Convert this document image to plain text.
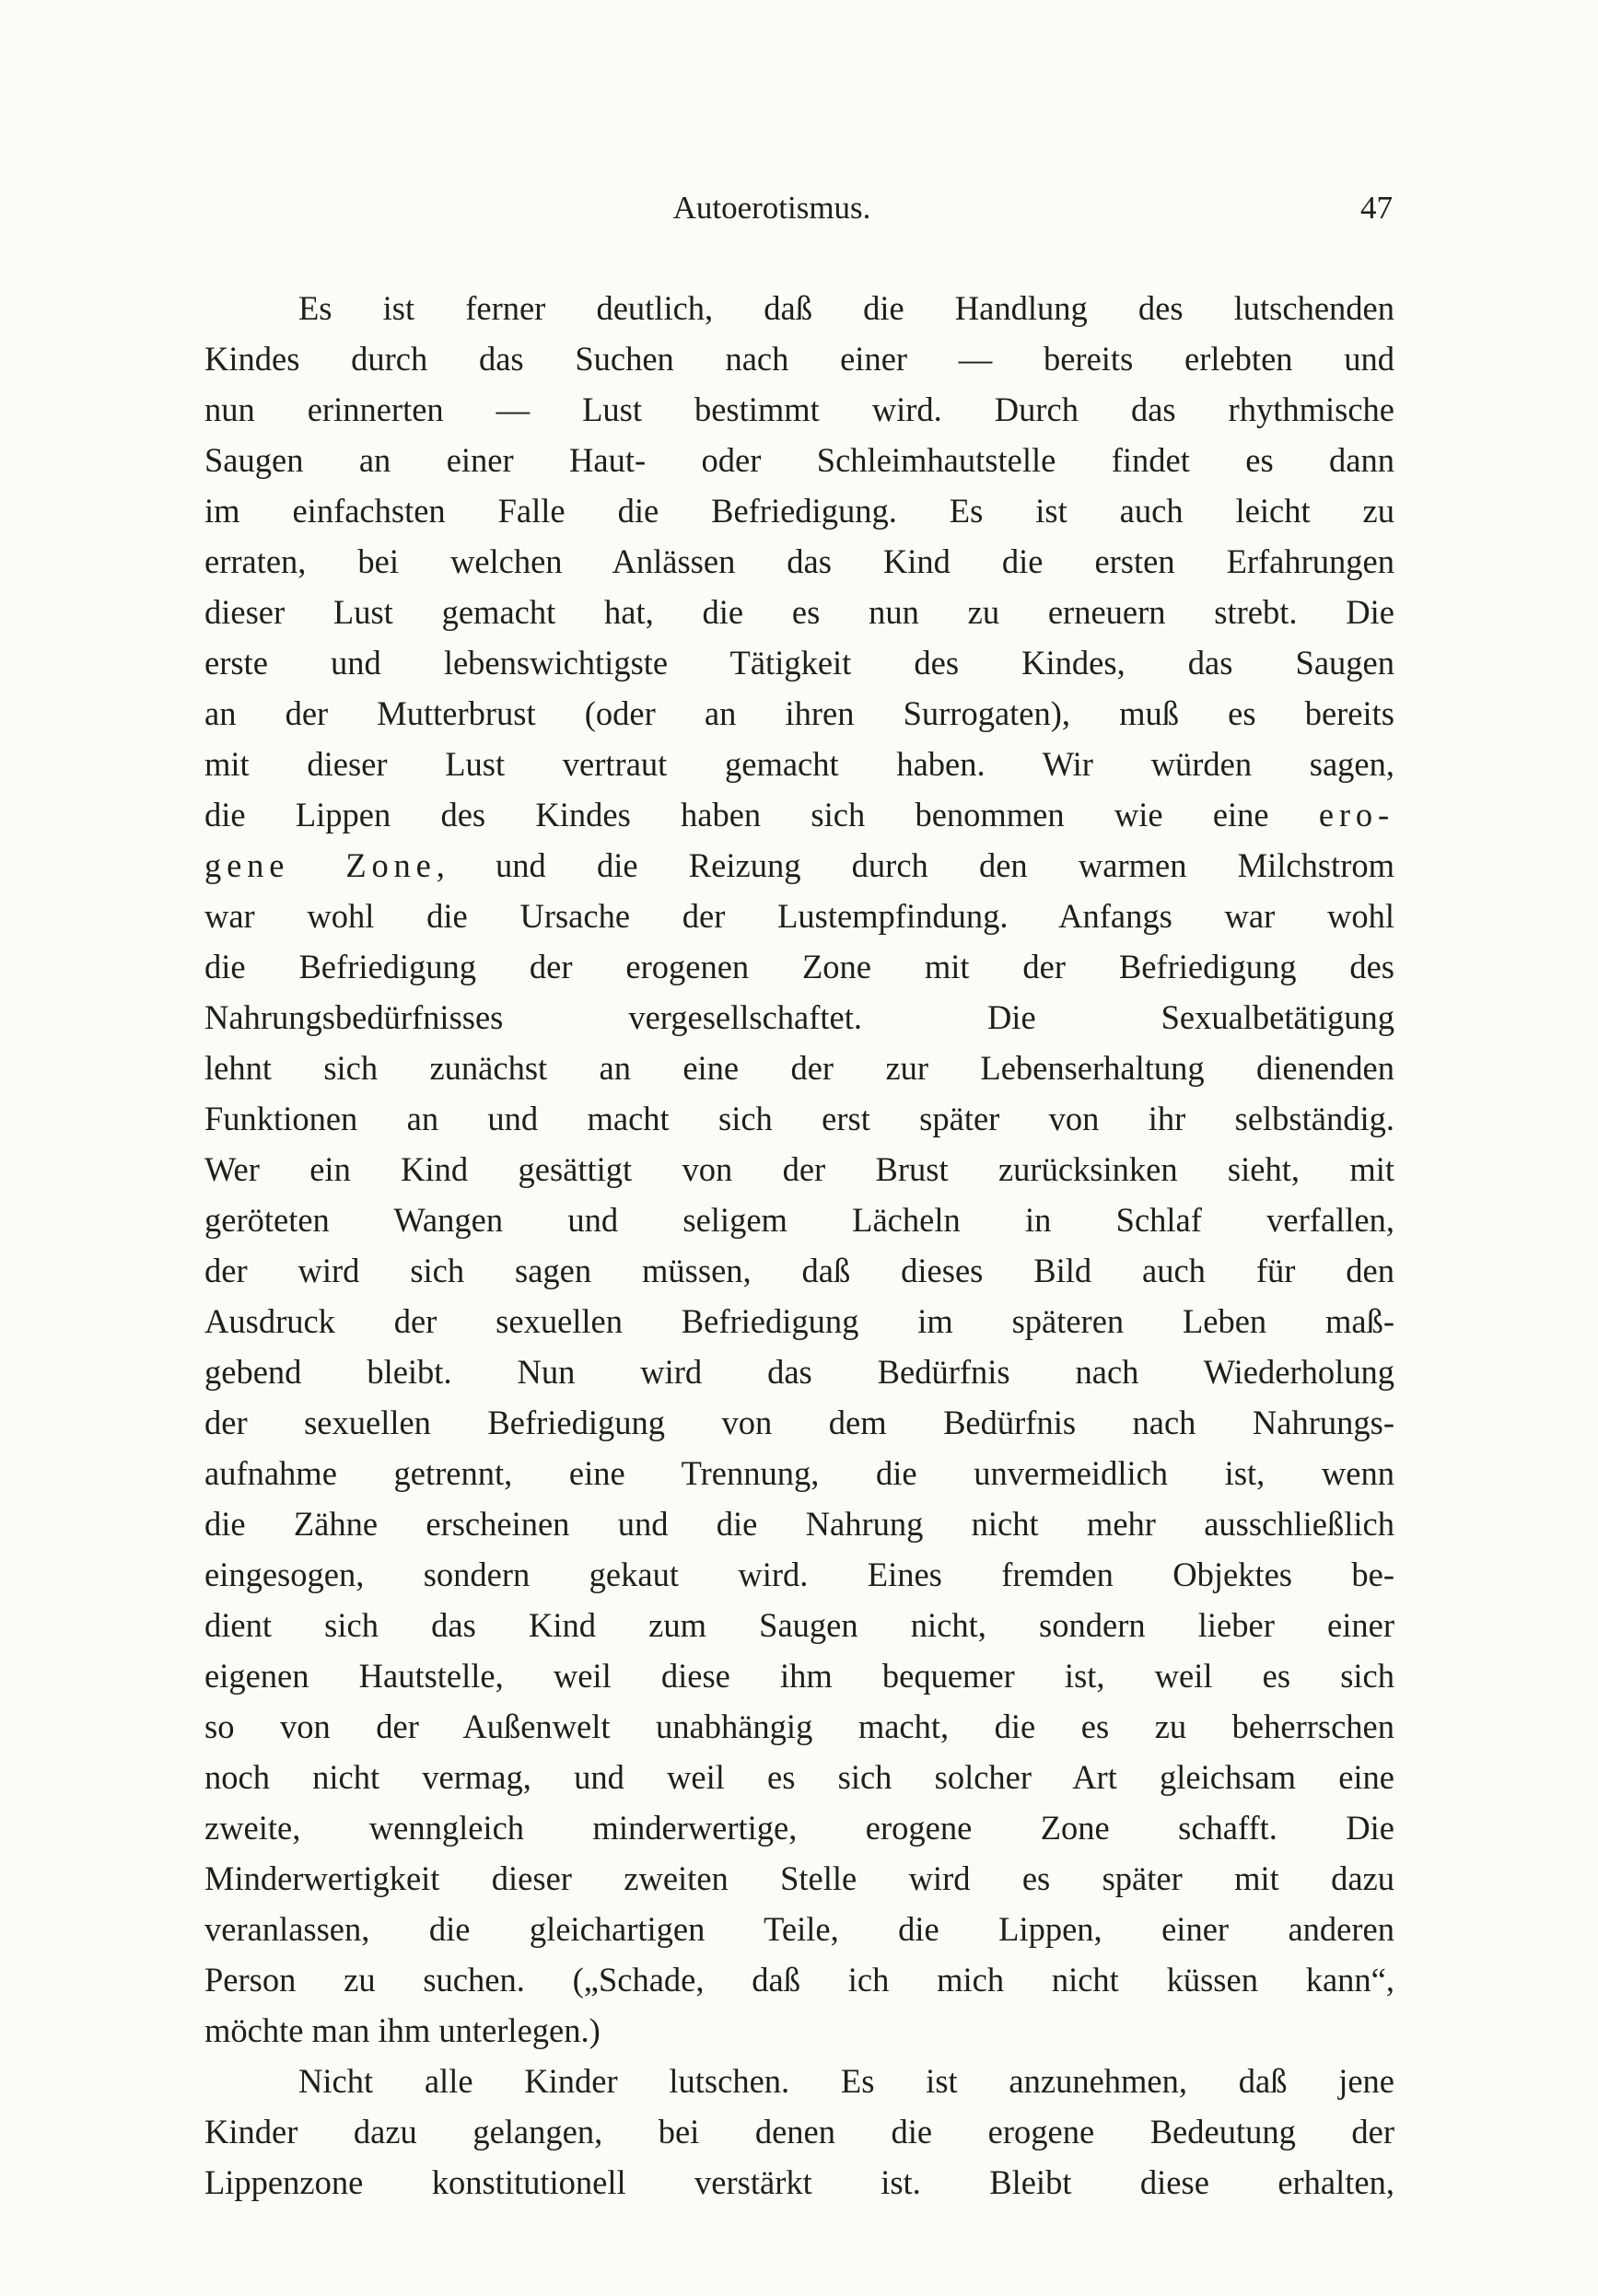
Autoerotismus.	47
Es ist ferner deutlich, daß die Handlung des lutschenden
Kindes durch das Suchen nach einer — bereits erlebten und
nun erinnerten — Lust bestimmt wird. Durch das rhythmische
Saugen an einer Haut- oder Schleimhautstelle findet es dann
im einfachsten Falle die Befriedigung. Es ist auch leicht zu
erraten, bei welchen Anlässen das Kind die ersten Erfahrungen
dieser Lust gemacht hat, die es nun zu erneuern strebt. Die
erste und lebenswichtigste Tätigkeit des Kindes, das Saugen
an der Mutterbrust (oder an ihren Surrogaten), muß es bereits
mit dieser Lust vertraut gemacht haben. Wir würden sagen,
die Lippen des Kindes haben sich benommen wie eine ero-
gene Zone, und die Reizung durch den warmen Milchstrom
war wohl die Ursache der Lustempfindung. Anfangs war wohl
die Befriedigung der erogenen Zone mit der Befriedigung des
Nahrungsbedürfnisses vergesellschaftet. Die Sexualbetätigung
lehnt sich zunächst an eine der zur Lebenserhaltung dienenden
Funktionen an und macht sich erst später von ihr selbständig.
Wer ein Kind gesättigt von der Brust zurücksinken sieht, mit
geröteten Wangen und seligem Lächeln in Schlaf verfallen,
der wird sich sagen müssen, daß dieses Bild auch für den
Ausdruck der sexuellen Befriedigung im späteren Leben maß-
gebend bleibt. Nun wird das Bedürfnis nach Wiederholung
der sexuellen Befriedigung von dem Bedürfnis nach Nahrungs-
aufnahme getrennt, eine Trennung, die unvermeidlich ist, wenn
die Zähne erscheinen und die Nahrung nicht mehr ausschließlich
eingesogen, sondern gekaut wird. Eines fremden Objektes be-
dient sich das Kind zum Saugen nicht, sondern lieber einer
eigenen Hautstelle, weil diese ihm bequemer ist, weil es sich
so von der Außenwelt unabhängig macht, die es zu beherrschen
noch nicht vermag, und weil es sich solcher Art gleichsam eine
zweite, wenngleich minderwertige, erogene Zone schafft. Die
Minderwertigkeit dieser zweiten Stelle wird es später mit dazu
veranlassen, die gleichartigen Teile, die Lippen, einer anderen
Person zu suchen. („Schade, daß ich mich nicht küssen kann“,
möchte man ihm unterlegen.)
Nicht alle Kinder lutschen. Es ist anzunehmen, daß jene
Kinder dazu gelangen, bei denen die erogene Bedeutung der
Lippenzone konstitutionell verstärkt ist. Bleibt diese erhalten,
